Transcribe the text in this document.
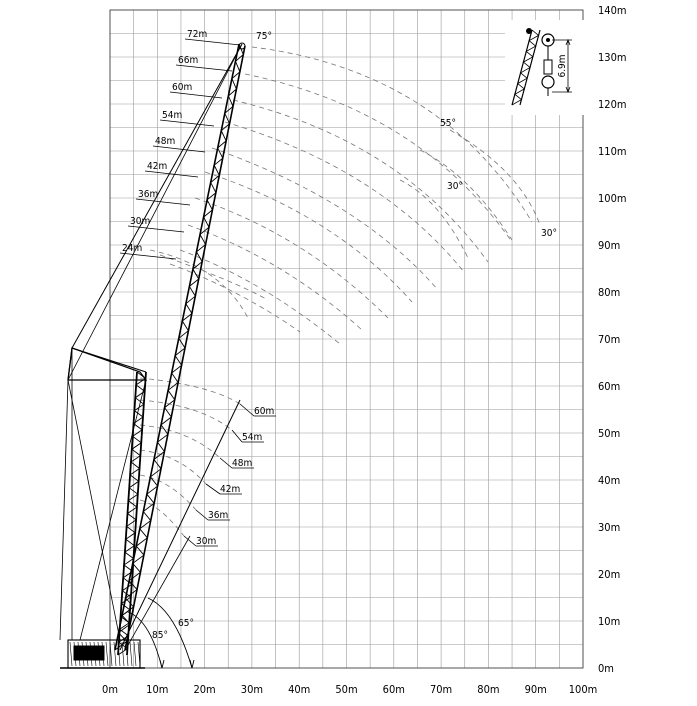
0m	10m 20m 30m 40m 50m 60m 70m 80m 90m 100m
0m
10m
20m
30m
40m
50m
60m
70m
80m
90m
100m
110m
120m
130m
140m
85°
65°
72m
66m
60m
54m
48m
42m
36m
30m
24m
75°
60m
54m
48m
42m
36m
30m
55°
30°
30°
6.9m
